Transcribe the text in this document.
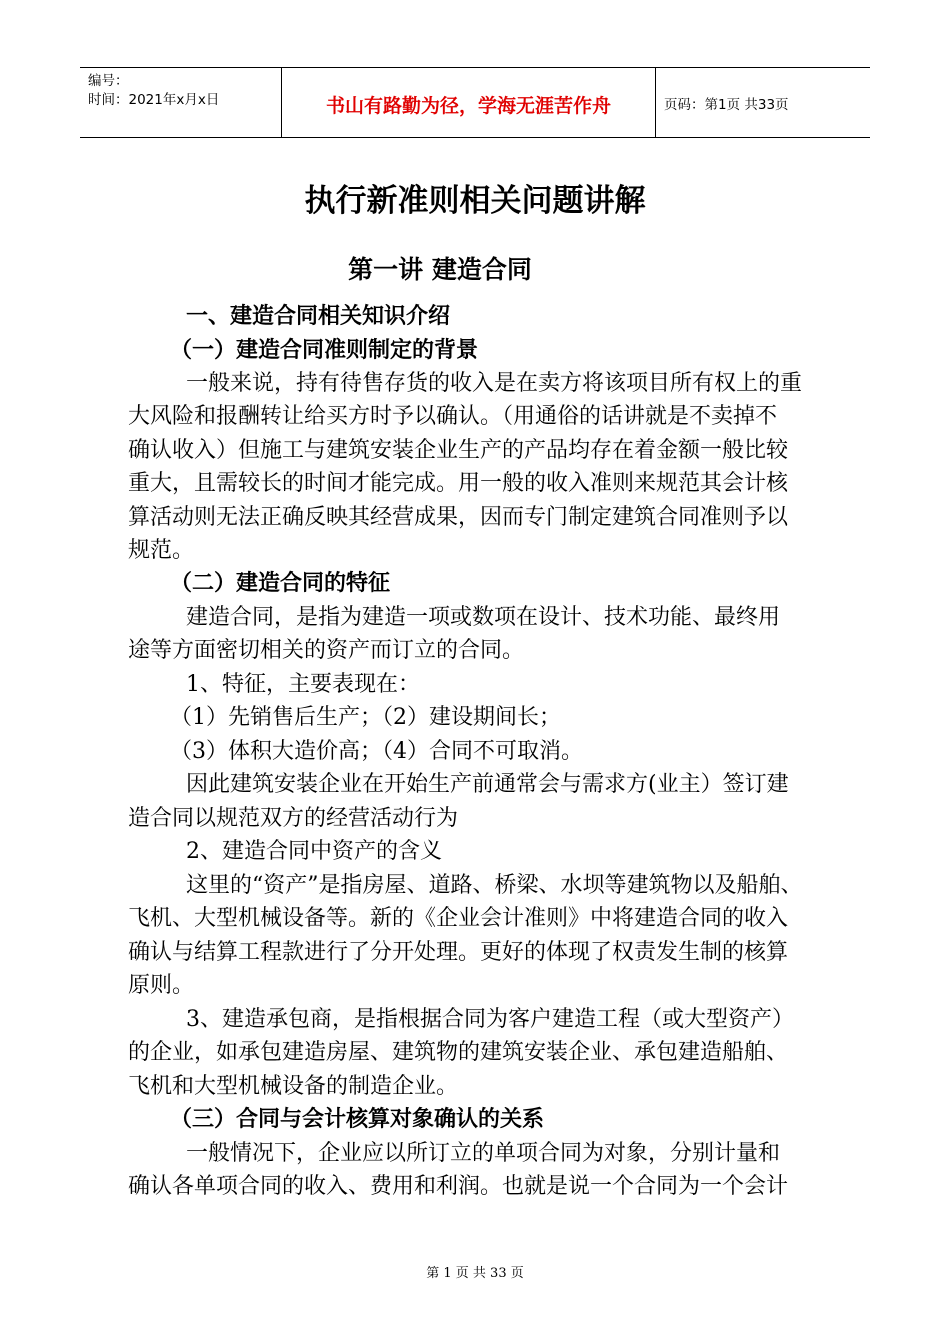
编号：
时间：2021年x月x日	书山有路勤为径，学海无涯苦作舟	页码：第1页 共33页
执行新准则相关问题讲解
第一讲 建造合同
一、建造合同相关知识介绍
（一）建造合同准则制定的背景
一般来说，持有待售存货的收入是在卖方将该项目所有权上的重
大风险和报酬转让给买方时予以确认。（用通俗的话讲就是不卖掉不
确认收入）但施工与建筑安装企业生产的产品均存在着金额一般比较
重大，且需较长的时间才能完成。用一般的收入准则来规范其会计核
算活动则无法正确反映其经营成果，因而专门制定建筑合同准则予以
规范。
（二）建造合同的特征
建造合同，是指为建造一项或数项在设计、技术功能、最终用
途等方面密切相关的资产而订立的合同。
1、特征，主要表现在：
（1）先销售后生产；（2）建设期间长；
（3）体积大造价高；（4）合同不可取消。
因此建筑安装企业在开始生产前通常会与需求方(业主）签订建
造合同以规范双方的经营活动行为
2、建造合同中资产的含义
这里的“资产”是指房屋、道路、桥梁、水坝等建筑物以及船舶、
飞机、大型机械设备等。新的《企业会计准则》中将建造合同的收入
确认与结算工程款进行了分开处理。更好的体现了权责发生制的核算
原则。
3、建造承包商，是指根据合同为客户建造工程（或大型资产）
的企业，如承包建造房屋、建筑物的建筑安装企业、承包建造船舶、
飞机和大型机械设备的制造企业。
（三）合同与会计核算对象确认的关系
一般情况下，企业应以所订立的单项合同为对象，分别计量和
确认各单项合同的收入、费用和利润。也就是说一个合同为一个会计
第 1 页 共 33 页
